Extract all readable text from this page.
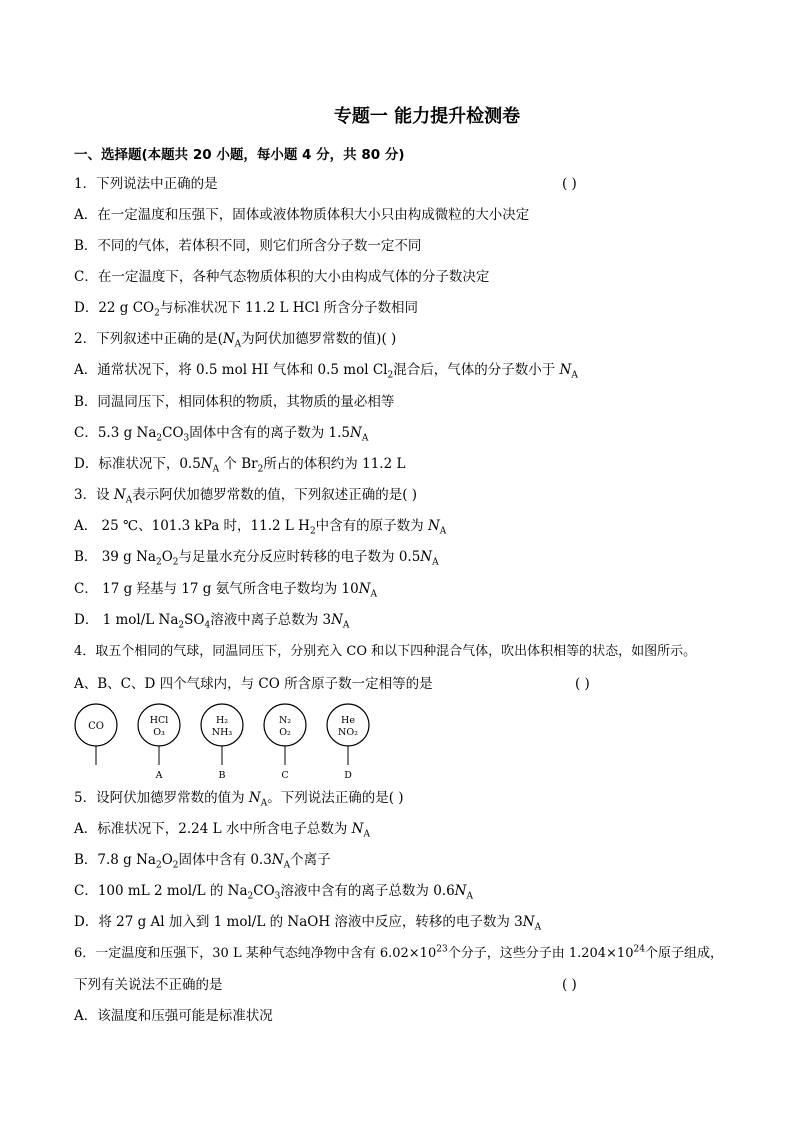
专题一 能力提升检测卷
一、选择题(本题共 20 小题，每小题 4 分，共 80 分)
1．下列说法中正确的是	( )
A．在一定温度和压强下，固体或液体物质体积大小只由构成微粒的大小决定
B．不同的气体，若体积不同，则它们所含分子数一定不同
C．在一定温度下，各种气态物质体积的大小由构成气体的分子数决定
D．22 g $CO_2$与标准状况下 11.2 L HCl 所含分子数相同
2．下列叙述中正确的是($N_A$为阿伏加德罗常数的值)( )
A．通常状况下，将 0.5 mol HI 气体和 0.5 mol $Cl_2$混合后，气体的分子数小于 $N_A$
B．同温同压下，相同体积的物质，其物质的量必相等
C．5.3 g $Na_2CO_3$固体中含有的离子数为 $1.5N_A$
D．标准状况下，$0.5N_A$ 个 $Br_2$所占的体积约为 11.2 L
3．设 $N_A$表示阿伏加德罗常数的值，下列叙述正确的是( )
A． 25 ℃、101.3 kPa 时，11.2 L $H_2$中含有的原子数为 $N_A$
B． 39 g $Na_2O_2$与足量水充分反应时转移的电子数为 $0.5N_A$
C． 17 g 羟基与 17 g 氨气所含电子数均为 $10N_A$
D． 1 mol/L $Na_2SO_4$溶液中离子总数为 $3N_A$
4．取五个相同的气球，同温同压下，分别充入 CO 和以下四种混合气体，吹出体积相等的状态，如图所示。
A、B、C、D 四个气球内，与 CO 所含原子数一定相等的是	( )
CO
HCl
O₃
A
H₂
NH₃
B
N₂
O₂
C
He
NO₂
D
5．设阿伏加德罗常数的值为 $N_A$。下列说法正确的是( )
A．标准状况下，2.24 L 水中所含电子总数为 $N_A$
B．7.8 g $Na_2O_2$固体中含有 $0.3N_A$个离子
C．100 mL 2 mol/L 的 $Na_2CO_3$溶液中含有的离子总数为 $0.6N_A$
D．将 27 g Al 加入到 1 mol/L 的 NaOH 溶液中反应，转移的电子数为 $3N_A$
6．一定温度和压强下，30 L 某种气态纯净物中含有 $6.02\times 10^{23}$个分子，这些分子由 $1.204\times 10^{24}$个原子组成，
下列有关说法不正确的是	( )
A．该温度和压强可能是标准状况
